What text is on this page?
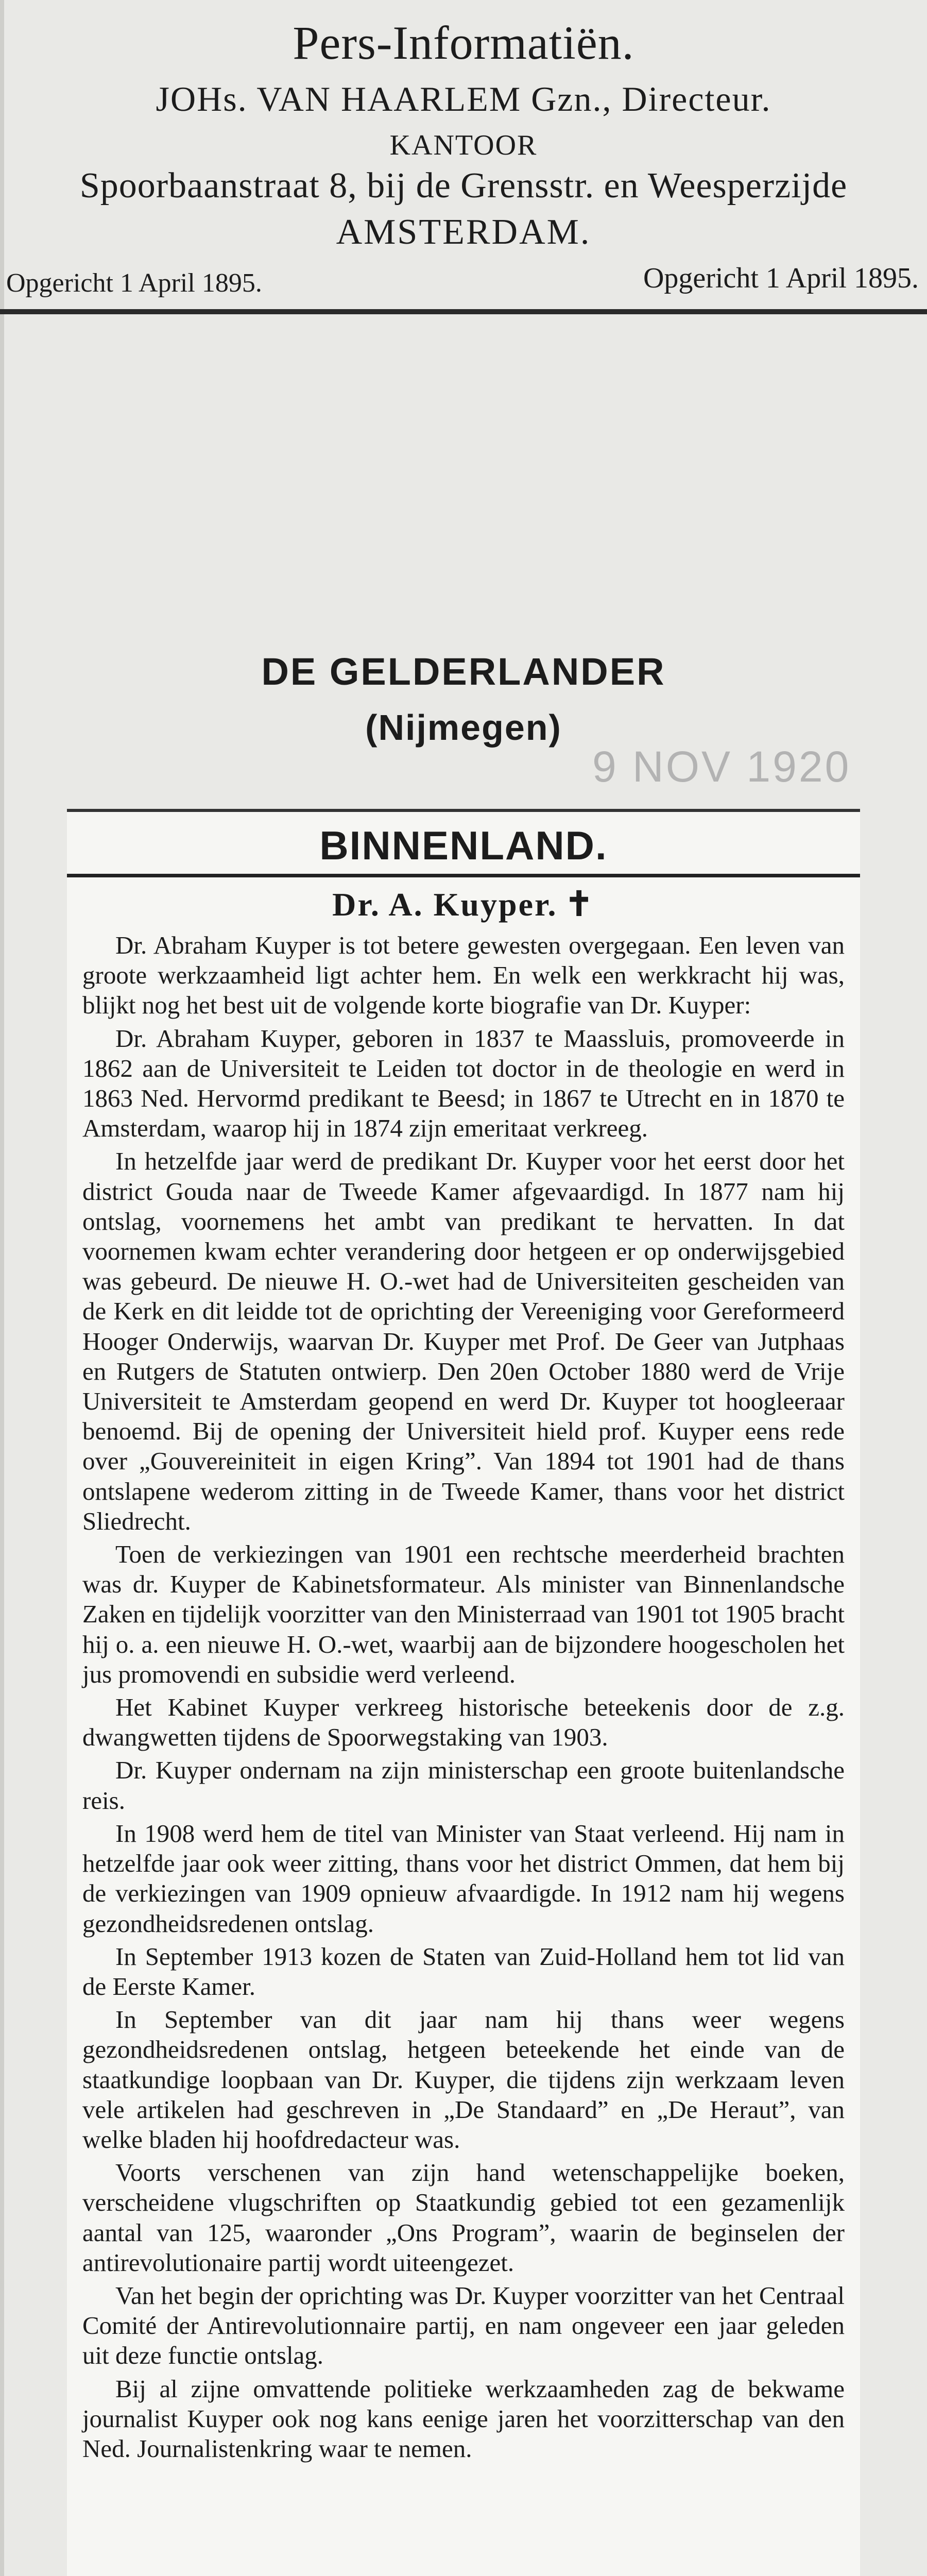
Pers-Informatiën.
JOHs. VAN HAARLEM Gzn., Directeur.
KANTOOR
Spoorbaanstraat 8, bij de Grensstr. en Weesperzijde
AMSTERDAM.
Opgericht 1 April 1895.	Opgericht 1 April 1895.
DE GELDERLANDER
(Nijmegen)
9 NOV 1920
BINNENLAND.
Dr. A. Kuyper. ✝

Dr. Abraham Kuyper is tot betere gewesten overgegaan. Een leven van groote werkzaamheid ligt achter hem. En welk een werkkracht hij was, blijkt nog het best uit de volgende korte biografie van Dr. Kuyper:

Dr. Abraham Kuyper, geboren in 1837 te Maassluis, promoveerde in 1862 aan de Universiteit te Leiden tot doctor in de theologie en werd in 1863 Ned. Hervormd predikant te Beesd; in 1867 te Utrecht en in 1870 te Amsterdam, waarop hij in 1874 zijn emeritaat verkreeg.

In hetzelfde jaar werd de predikant Dr. Kuyper voor het eerst door het district Gouda naar de Tweede Kamer afgevaardigd. In 1877 nam hij ontslag, voornemens het ambt van predikant te hervatten. In dat voornemen kwam echter verandering door hetgeen er op onderwijsgebied was gebeurd. De nieuwe H. O.-wet had de Universiteiten gescheiden van de Kerk en dit leidde tot de oprichting der Vereeniging voor Gereformeerd Hooger Onderwijs, waarvan Dr. Kuyper met Prof. De Geer van Jutphaas en Rutgers de Statuten ontwierp. Den 20en October 1880 werd de Vrije Universiteit te Amsterdam geopend en werd Dr. Kuyper tot hoogleeraar benoemd. Bij de opening der Universiteit hield prof. Kuyper eens rede over „Gouvereiniteit in eigen Kring”. Van 1894 tot 1901 had de thans ontslapene wederom zitting in de Tweede Kamer, thans voor het district Sliedrecht.

Toen de verkiezingen van 1901 een rechtsche meerderheid brachten was dr. Kuyper de Kabinetsformateur. Als minister van Binnenlandsche Zaken en tijdelijk voorzitter van den Ministerraad van 1901 tot 1905 bracht hij o. a. een nieuwe H. O.-wet, waarbij aan de bijzondere hoogescholen het jus promovendi en subsidie werd verleend.

Het Kabinet Kuyper verkreeg historische beteekenis door de z.g. dwangwetten tijdens de Spoorwegstaking van 1903.

Dr. Kuyper ondernam na zijn ministerschap een groote buitenlandsche reis.

In 1908 werd hem de titel van Minister van Staat verleend. Hij nam in hetzelfde jaar ook weer zitting, thans voor het district Ommen, dat hem bij de verkiezingen van 1909 opnieuw afvaardigde. In 1912 nam hij wegens gezondheidsredenen ontslag.

In September 1913 kozen de Staten van Zuid-Holland hem tot lid van de Eerste Kamer.

In September van dit jaar nam hij thans weer wegens gezondheidsredenen ontslag, hetgeen beteekende het einde van de staatkundige loopbaan van Dr. Kuyper, die tijdens zijn werkzaam leven vele artikelen had geschreven in „De Standaard” en „De Heraut”, van welke bladen hij hoofdredacteur was.

Voorts verschenen van zijn hand wetenschappelijke boeken, verscheidene vlugschriften op Staatkundig gebied tot een gezamenlijk aantal van 125, waaronder „Ons Program”, waarin de beginselen der antirevolutionaire partij wordt uiteengezet.

Van het begin der oprichting was Dr. Kuyper voorzitter van het Centraal Comité der Antirevolutionnaire partij, en nam ongeveer een jaar geleden uit deze functie ontslag.

Bij al zijne omvattende politieke werkzaamheden zag de bekwame journalist Kuyper ook nog kans eenige jaren het voorzitterschap van den Ned. Journalistenkring waar te nemen.
